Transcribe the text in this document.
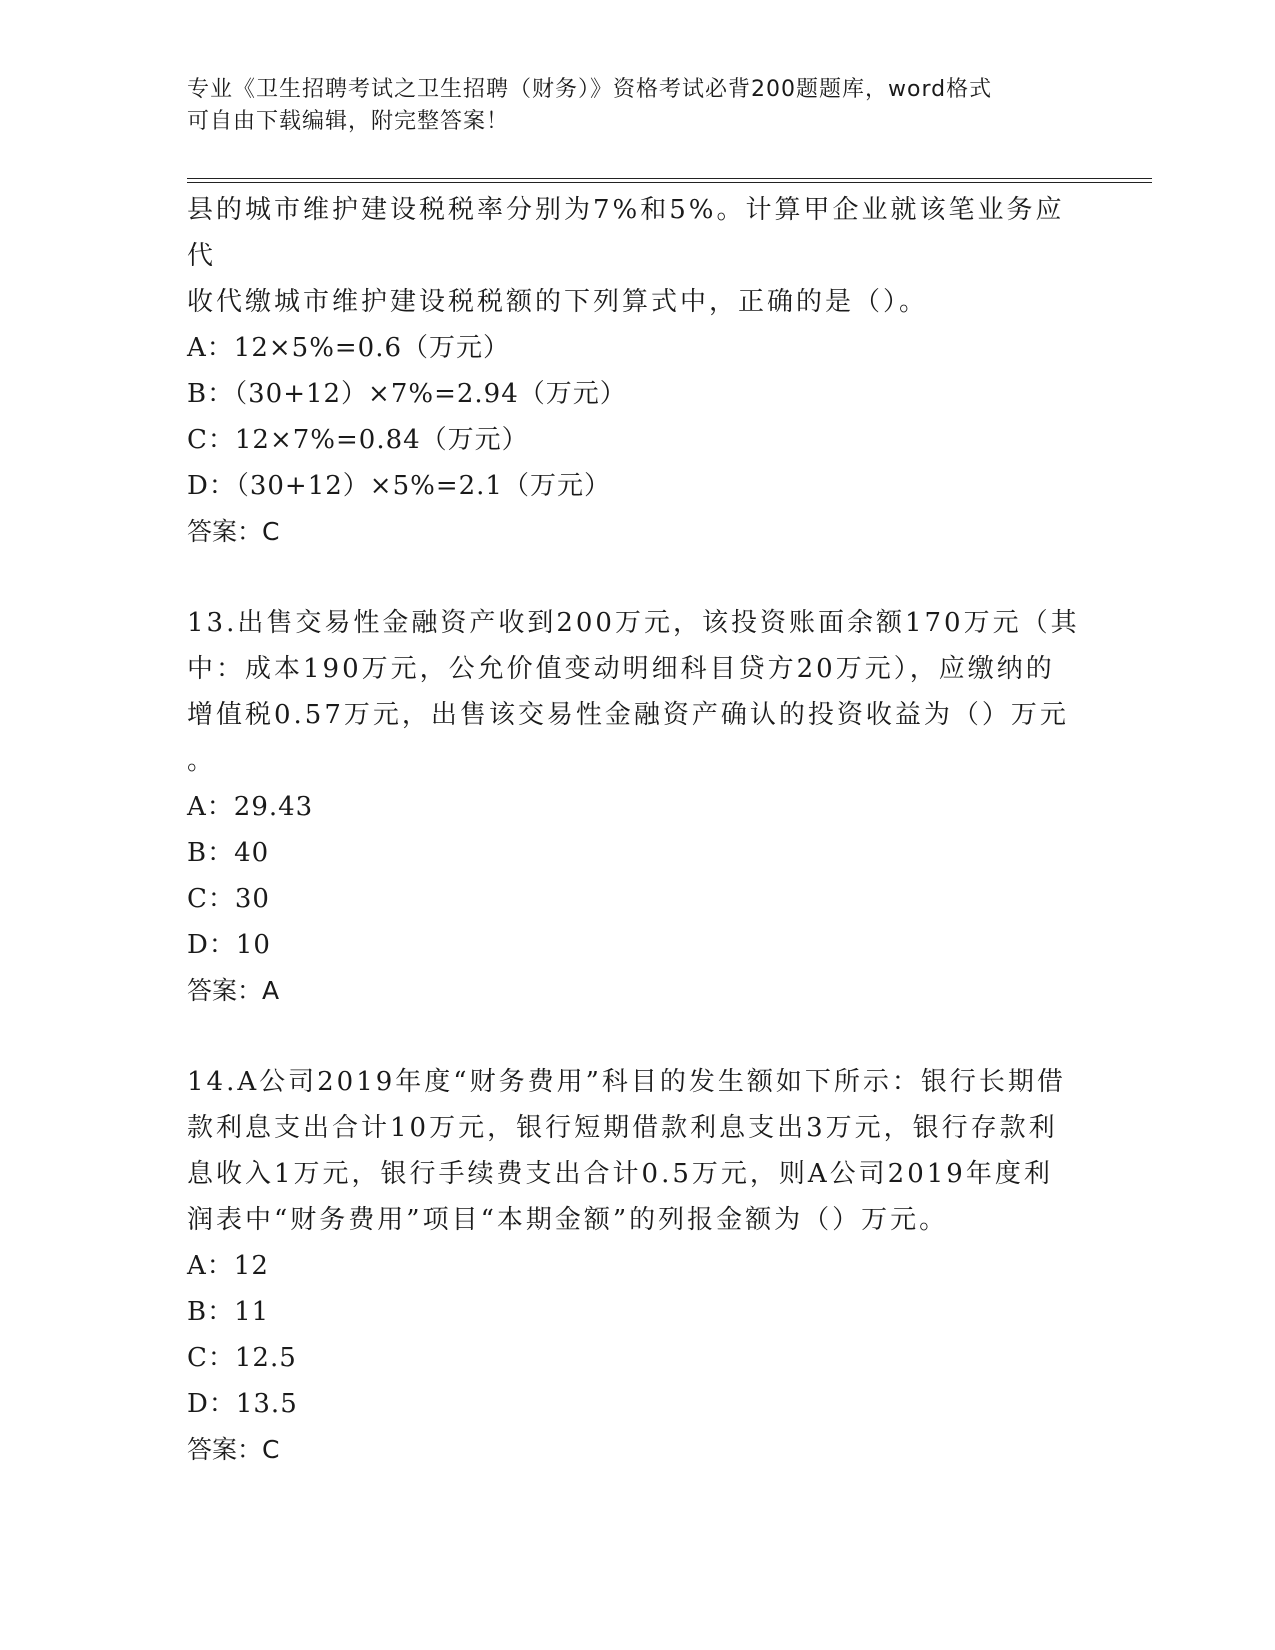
专业《卫生招聘考试之卫生招聘（财务）》资格考试必背200题题库，word格式
可自由下载编辑，附完整答案！

县的城市维护建设税税率分别为7%和5%。计算甲企业就该笔业务应代

收代缴城市维护建设税税额的下列算式中，正确的是（）。

A：12×5%=0.6（万元）

B：（30+12）×7%=2.94（万元）

C：12×7%=0.84（万元）

D：（30+12）×5%=2.1（万元）

答案：C

13.出售交易性金融资产收到200万元，该投资账面余额170万元（其

中：成本190万元，公允价值变动明细科目贷方20万元），应缴纳的

增值税0.57万元，出售该交易性金融资产确认的投资收益为（）万元

。

A：29.43

B：40

C：30

D：10

答案：A

14.A公司2019年度“财务费用”科目的发生额如下所示：银行长期借

款利息支出合计10万元，银行短期借款利息支出3万元，银行存款利

息收入1万元，银行手续费支出合计0.5万元，则A公司2019年度利

润表中“财务费用”项目“本期金额”的列报金额为（）万元。

A：12

B：11

C：12.5

D：13.5

答案：C
